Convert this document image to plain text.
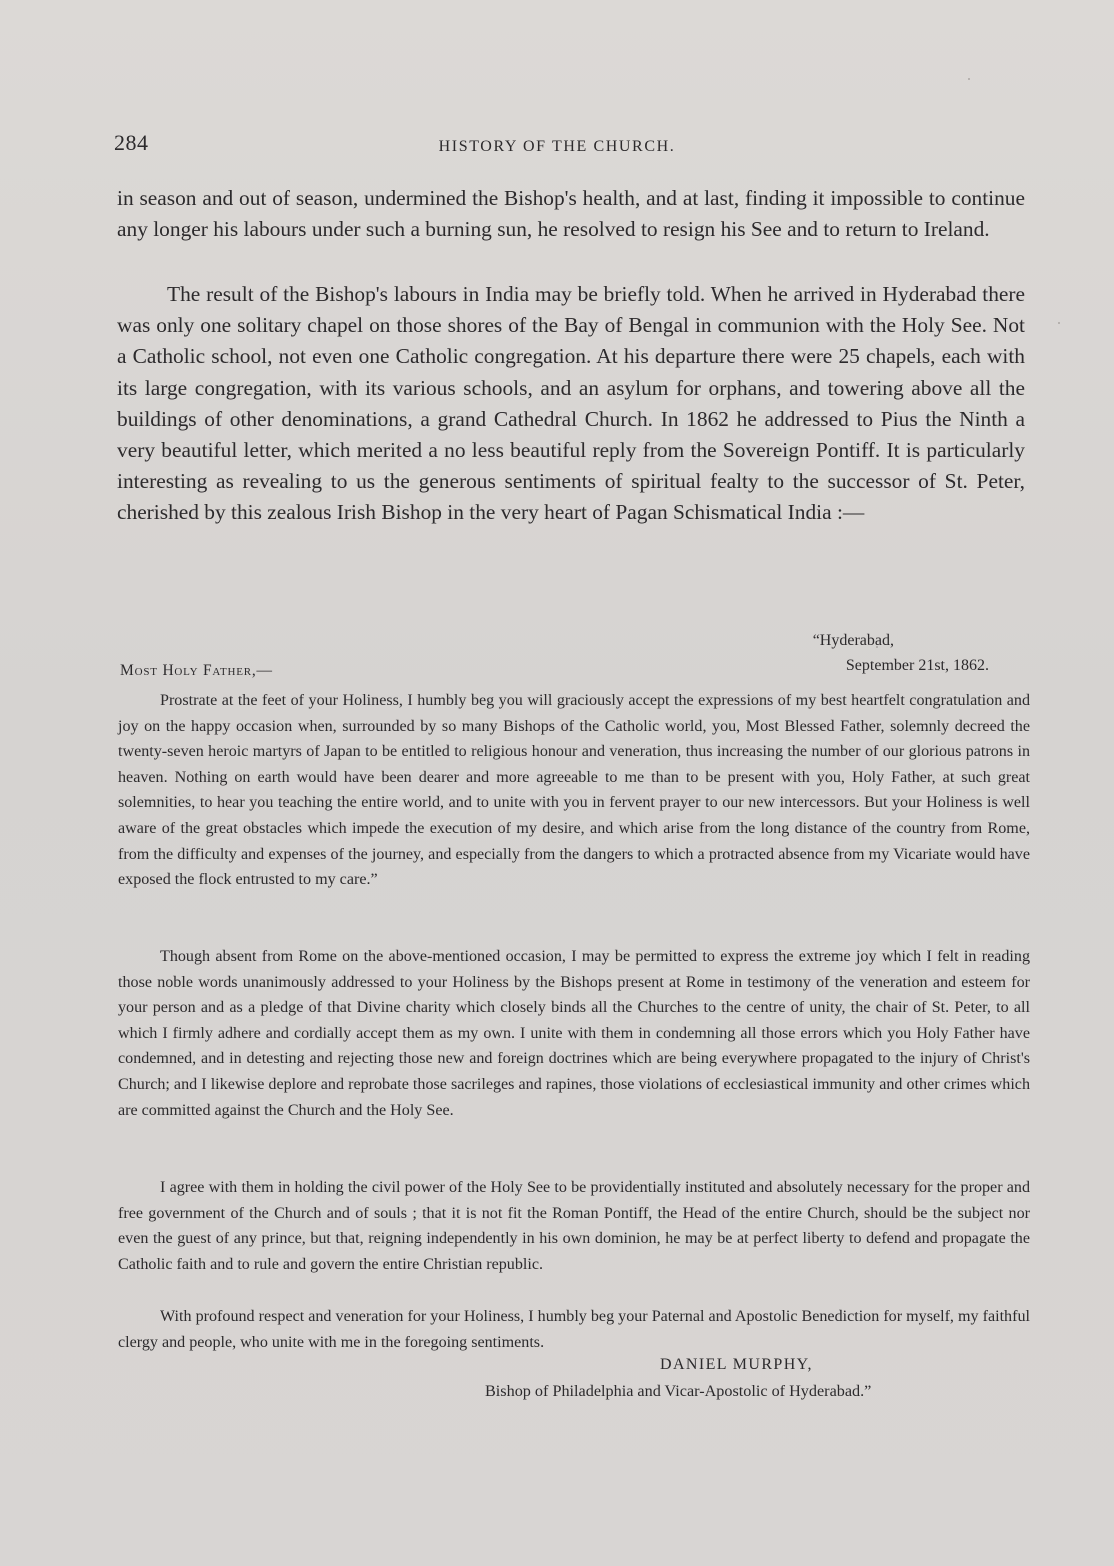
284	HISTORY OF THE CHURCH.

in season and out of season, undermined the Bishop's health, and at last, finding it impossible to continue any longer his labours under such a burning sun, he resolved to resign his See and to return to Ireland.

The result of the Bishop's labours in India may be briefly told. When he arrived in Hyderabad there was only one solitary chapel on those shores of the Bay of Bengal in communion with the Holy See. Not a Catholic school, not even one Catholic congregation. At his departure there were 25 chapels, each with its large congregation, with its various schools, and an asylum for orphans, and towering above all the buildings of other denominations, a grand Cathedral Church. In 1862 he addressed to Pius the Ninth a very beautiful letter, which merited a no less beautiful reply from the Sovereign Pontiff. It is particularly interesting as revealing to us the generous sentiments of spiritual fealty to the successor of St. Peter, cherished by this zealous Irish Bishop in the very heart of Pagan Schismatical India :—

“Hyderabad,
September 21st, 1862.
Most Holy Father,—

Prostrate at the feet of your Holiness, I humbly beg you will graciously accept the expressions of my best heartfelt congratulation and joy on the happy occasion when, surrounded by so many Bishops of the Catholic world, you, Most Blessed Father, solemnly decreed the twenty-seven heroic martyrs of Japan to be entitled to religious honour and veneration, thus increasing the number of our glorious patrons in heaven. Nothing on earth would have been dearer and more agreeable to me than to be present with you, Holy Father, at such great solemnities, to hear you teaching the entire world, and to unite with you in fervent prayer to our new intercessors. But your Holiness is well aware of the great obstacles which impede the execution of my desire, and which arise from the long distance of the country from Rome, from the difficulty and expenses of the journey, and especially from the dangers to which a protracted absence from my Vicariate would have exposed the flock entrusted to my care.”

Though absent from Rome on the above-mentioned occasion, I may be permitted to express the extreme joy which I felt in reading those noble words unanimously addressed to your Holiness by the Bishops present at Rome in testimony of the veneration and esteem for your person and as a pledge of that Divine charity which closely binds all the Churches to the centre of unity, the chair of St. Peter, to all which I firmly adhere and cordially accept them as my own. I unite with them in condemning all those errors which you Holy Father have condemned, and in detesting and rejecting those new and foreign doctrines which are being everywhere propagated to the injury of Christ's Church; and I likewise deplore and reprobate those sacrileges and rapines, those violations of ecclesiastical immunity and other crimes which are committed against the Church and the Holy See.

I agree with them in holding the civil power of the Holy See to be providentially instituted and absolutely necessary for the proper and free government of the Church and of souls ; that it is not fit the Roman Pontiff, the Head of the entire Church, should be the subject nor even the guest of any prince, but that, reigning independently in his own dominion, he may be at perfect liberty to defend and propagate the Catholic faith and to rule and govern the entire Christian republic.

With profound respect and veneration for your Holiness, I humbly beg your Paternal and Apostolic Benediction for myself, my faithful clergy and people, who unite with me in the foregoing sentiments.

DANIEL MURPHY,
Bishop of Philadelphia and Vicar-Apostolic of Hyderabad.”
